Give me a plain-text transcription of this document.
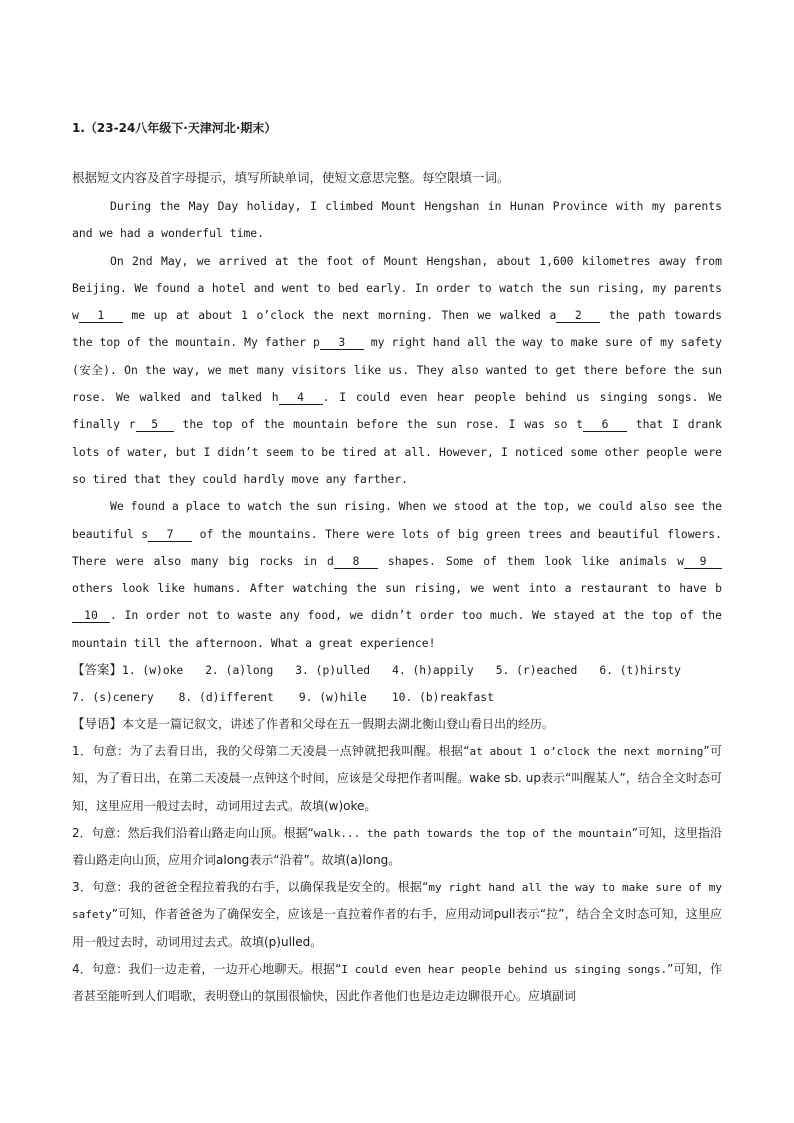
1.（23-24八年级下·天津河北·期末）
根据短文内容及首字母提示，填写所缺单词，使短文意思完整。每空限填一词。

During the May Day holiday, I climbed Mount Hengshan in Hunan Province with my parents and we had a wonderful time.

On 2nd May, we arrived at the foot of Mount Hengshan, about 1,600 kilometres away from Beijing. We found a hotel and went to bed early. In order to watch the sun rising, my parents w 1 me up at about 1 o’clock the next morning. Then we walked a 2 the path towards the top of the mountain. My father p 3 my right hand all the way to make sure of my safety (安全). On the way, we met many visitors like us. They also wanted to get there before the sun rose. We walked and talked h 4 . I could even hear people behind us singing songs. We finally r 5 the top of the mountain before the sun rose. I was so t 6 that I drank lots of water, but I didn’t seem to be tired at all. However, I noticed some other people were so tired that they could hardly move any farther.

We found a place to watch the sun rising. When we stood at the top, we could also see the beautiful s 7 of the mountains. There were lots of big green trees and beautiful flowers. There were also many big rocks in d 8 shapes. Some of them look like animals w 9 others look like humans. After watching the sun rising, we went into a restaurant to have b10 . In order not to waste any food, we didn’t order too much. We stayed at the top of the mountain till the afternoon. What a great experience!

【答案】1. (w)oke 2. (a)long 3. (p)ulled 4. (h)appily 5. (r)eached 6. (t)hirsty
7. (s)cenery 8. (d)ifferent 9. (w)hile 10. (b)reakfast

【导语】本文是一篇记叙文，讲述了作者和父母在五一假期去湖北衡山登山看日出的经历。

1．句意：为了去看日出，我的父母第二天凌晨一点钟就把我叫醒。根据“at about 1 o’clock the next morning”可知，为了看日出，在第二天凌晨一点钟这个时间，应该是父母把作者叫醒。wake sb. up表示“叫醒某人”，结合全文时态可知，这里应用一般过去时，动词用过去式。故填(w)oke。

2．句意：然后我们沿着山路走向山顶。根据“walk... the path towards the top of the mountain”可知，这里指沿着山路走向山顶，应用介词along表示“沿着”。故填(a)long。

3．句意：我的爸爸全程拉着我的右手，以确保我是安全的。根据“my right hand all the way to make sure of my safety”可知，作者爸爸为了确保安全，应该是一直拉着作者的右手，应用动词pull表示“拉”，结合全文时态可知，这里应用一般过去时，动词用过去式。故填(p)ulled。

4．句意：我们一边走着，一边开心地聊天。根据“I could even hear people behind us singing songs.”可知，作者甚至能听到人们唱歌，表明登山的氛围很愉快，因此作者他们也是边走边聊很开心。应填副词
